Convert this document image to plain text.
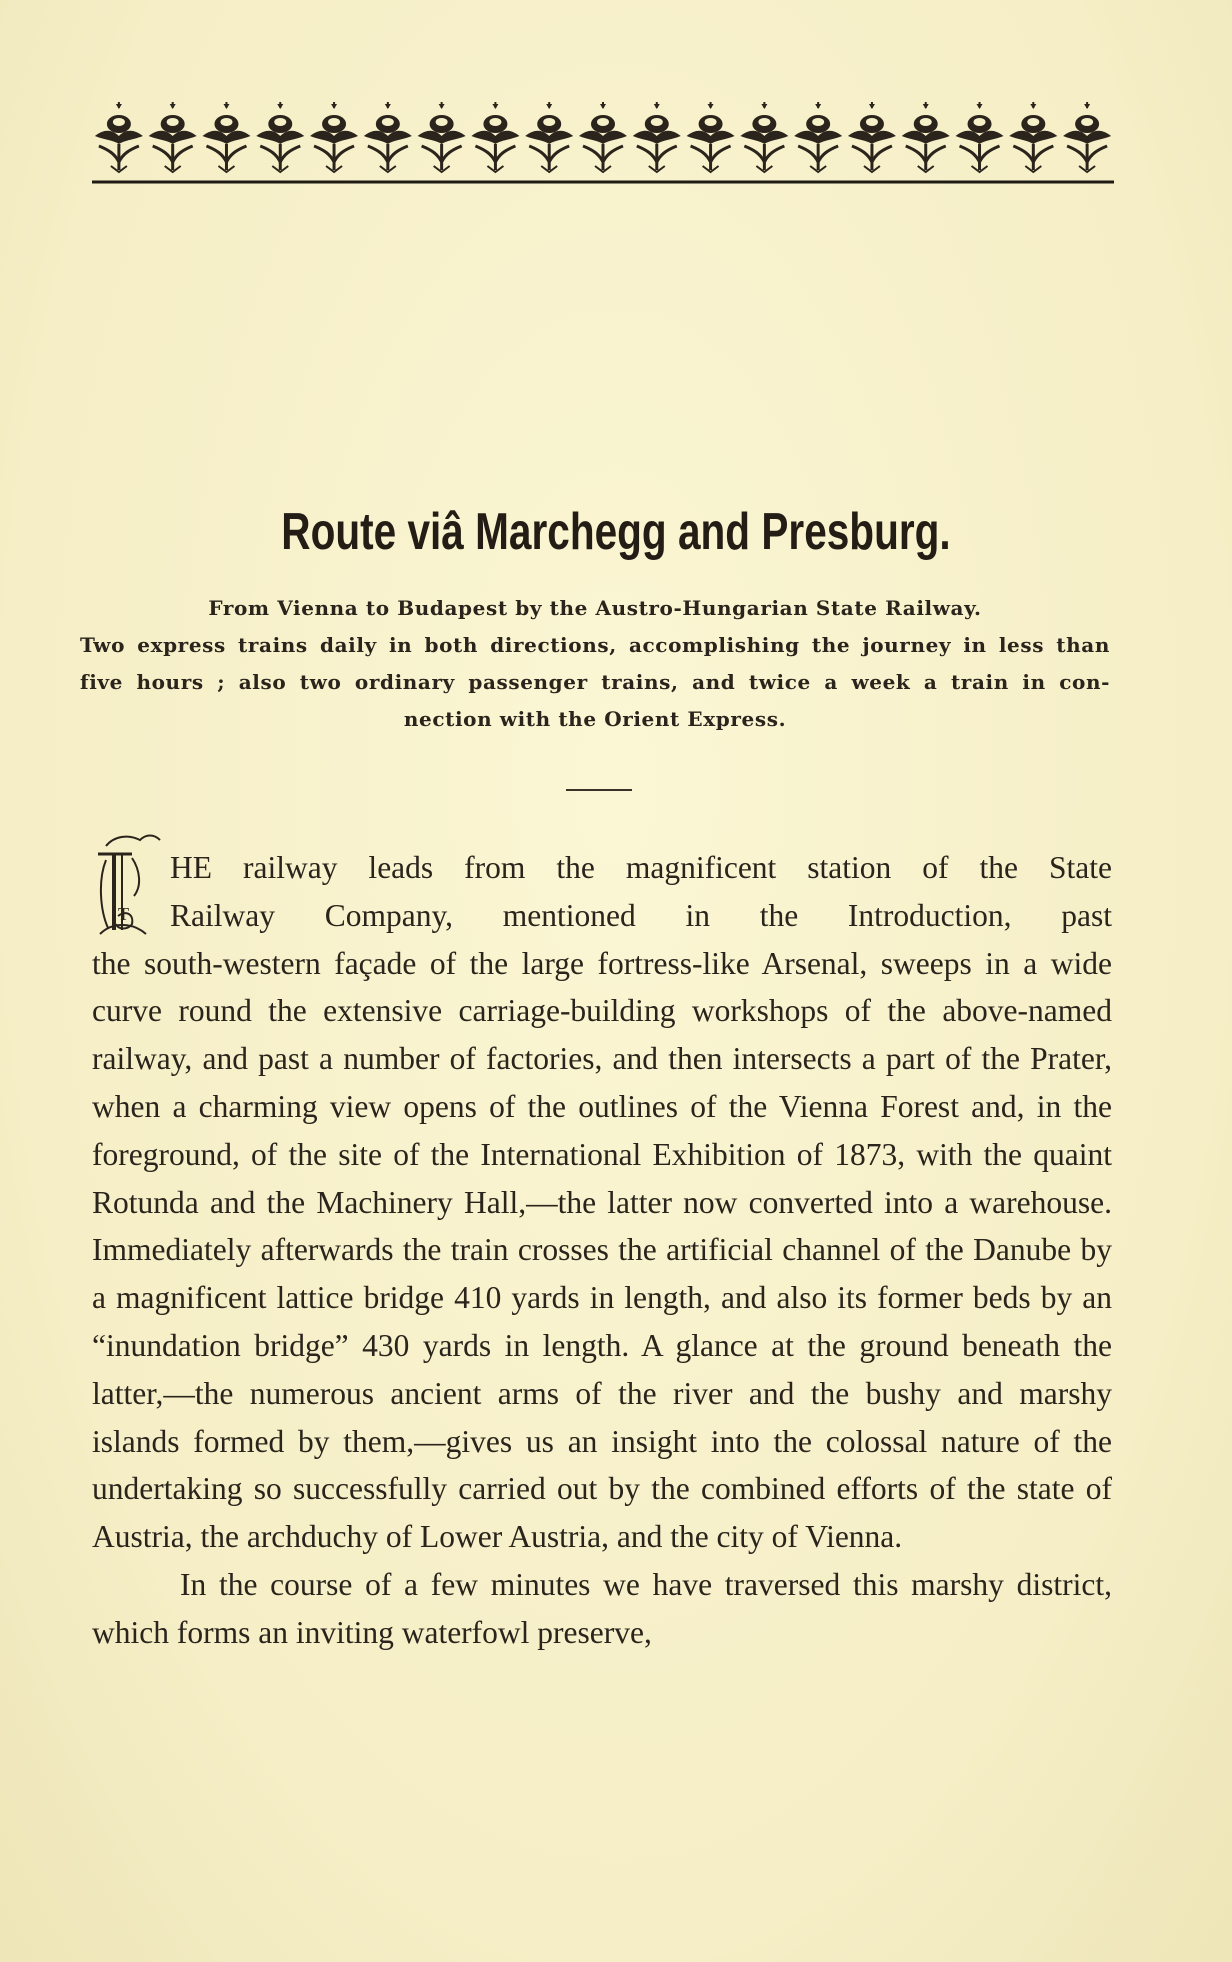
Route viâ Marchegg and Presburg.
From Vienna to Budapest by the Austro-Hungarian State Railway.
Two express trains daily in both directions, accomplishing the journey in less than
five hours ; also two ordinary passenger trains, and twice a week a train in con-
nection with the Orient Express.
T
HE railway leads from the magnificent station of the State
Railway Company, mentioned in the Introduction, past

the south-western façade of the large fortress-like Arsenal, sweeps in a wide curve round the extensive carriage-building workshops of the above-named railway, and past a number of factories, and then intersects a part of the Prater, when a charming view opens of the outlines of the Vienna Forest and, in the foreground, of the site of the International Exhibition of 1873, with the quaint Rotunda and the Machinery Hall,—the latter now converted into a warehouse. Immediately afterwards the train crosses the artificial channel of the Danube by a magnificent lattice bridge 410 yards in length, and also its former beds by an “inundation bridge” 430 yards in length. A glance at the ground beneath the latter,—the numerous ancient arms of the river and the bushy and marshy islands formed by them,—gives us an insight into the colossal nature of the undertaking so successfully carried out by the combined efforts of the state of Austria, the archduchy of Lower Austria, and the city of Vienna.

In the course of a few minutes we have traversed this marshy district, which forms an inviting waterfowl preserve,
